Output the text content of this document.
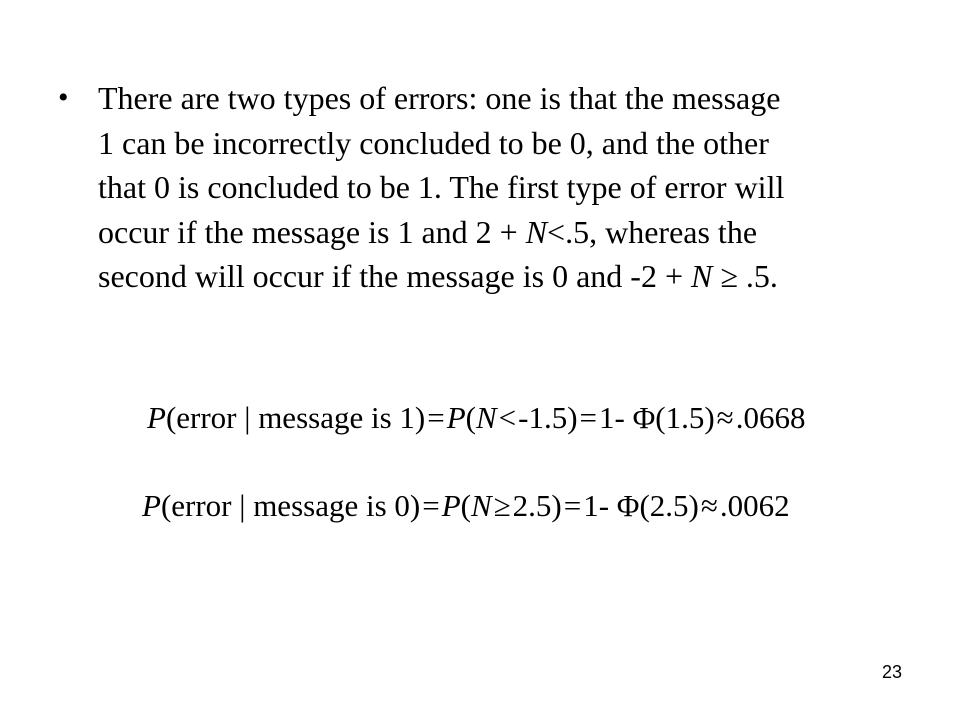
• There are two types of errors: one is that the message
1 can be incorrectly concluded to be 0, and the other
that 0 is concluded to be 1. The first type of error will
occur if the message is 1 and 2 + N<.5, whereas the
second will occur if the message is 0 and -2 + N ≥ .5.
P(error | message is 1)=P(N<-1.5)=1- Φ(1.5)≈.0668
P(error | message is 0)=P(N≥2.5)=1- Φ(2.5)≈.0062
23
